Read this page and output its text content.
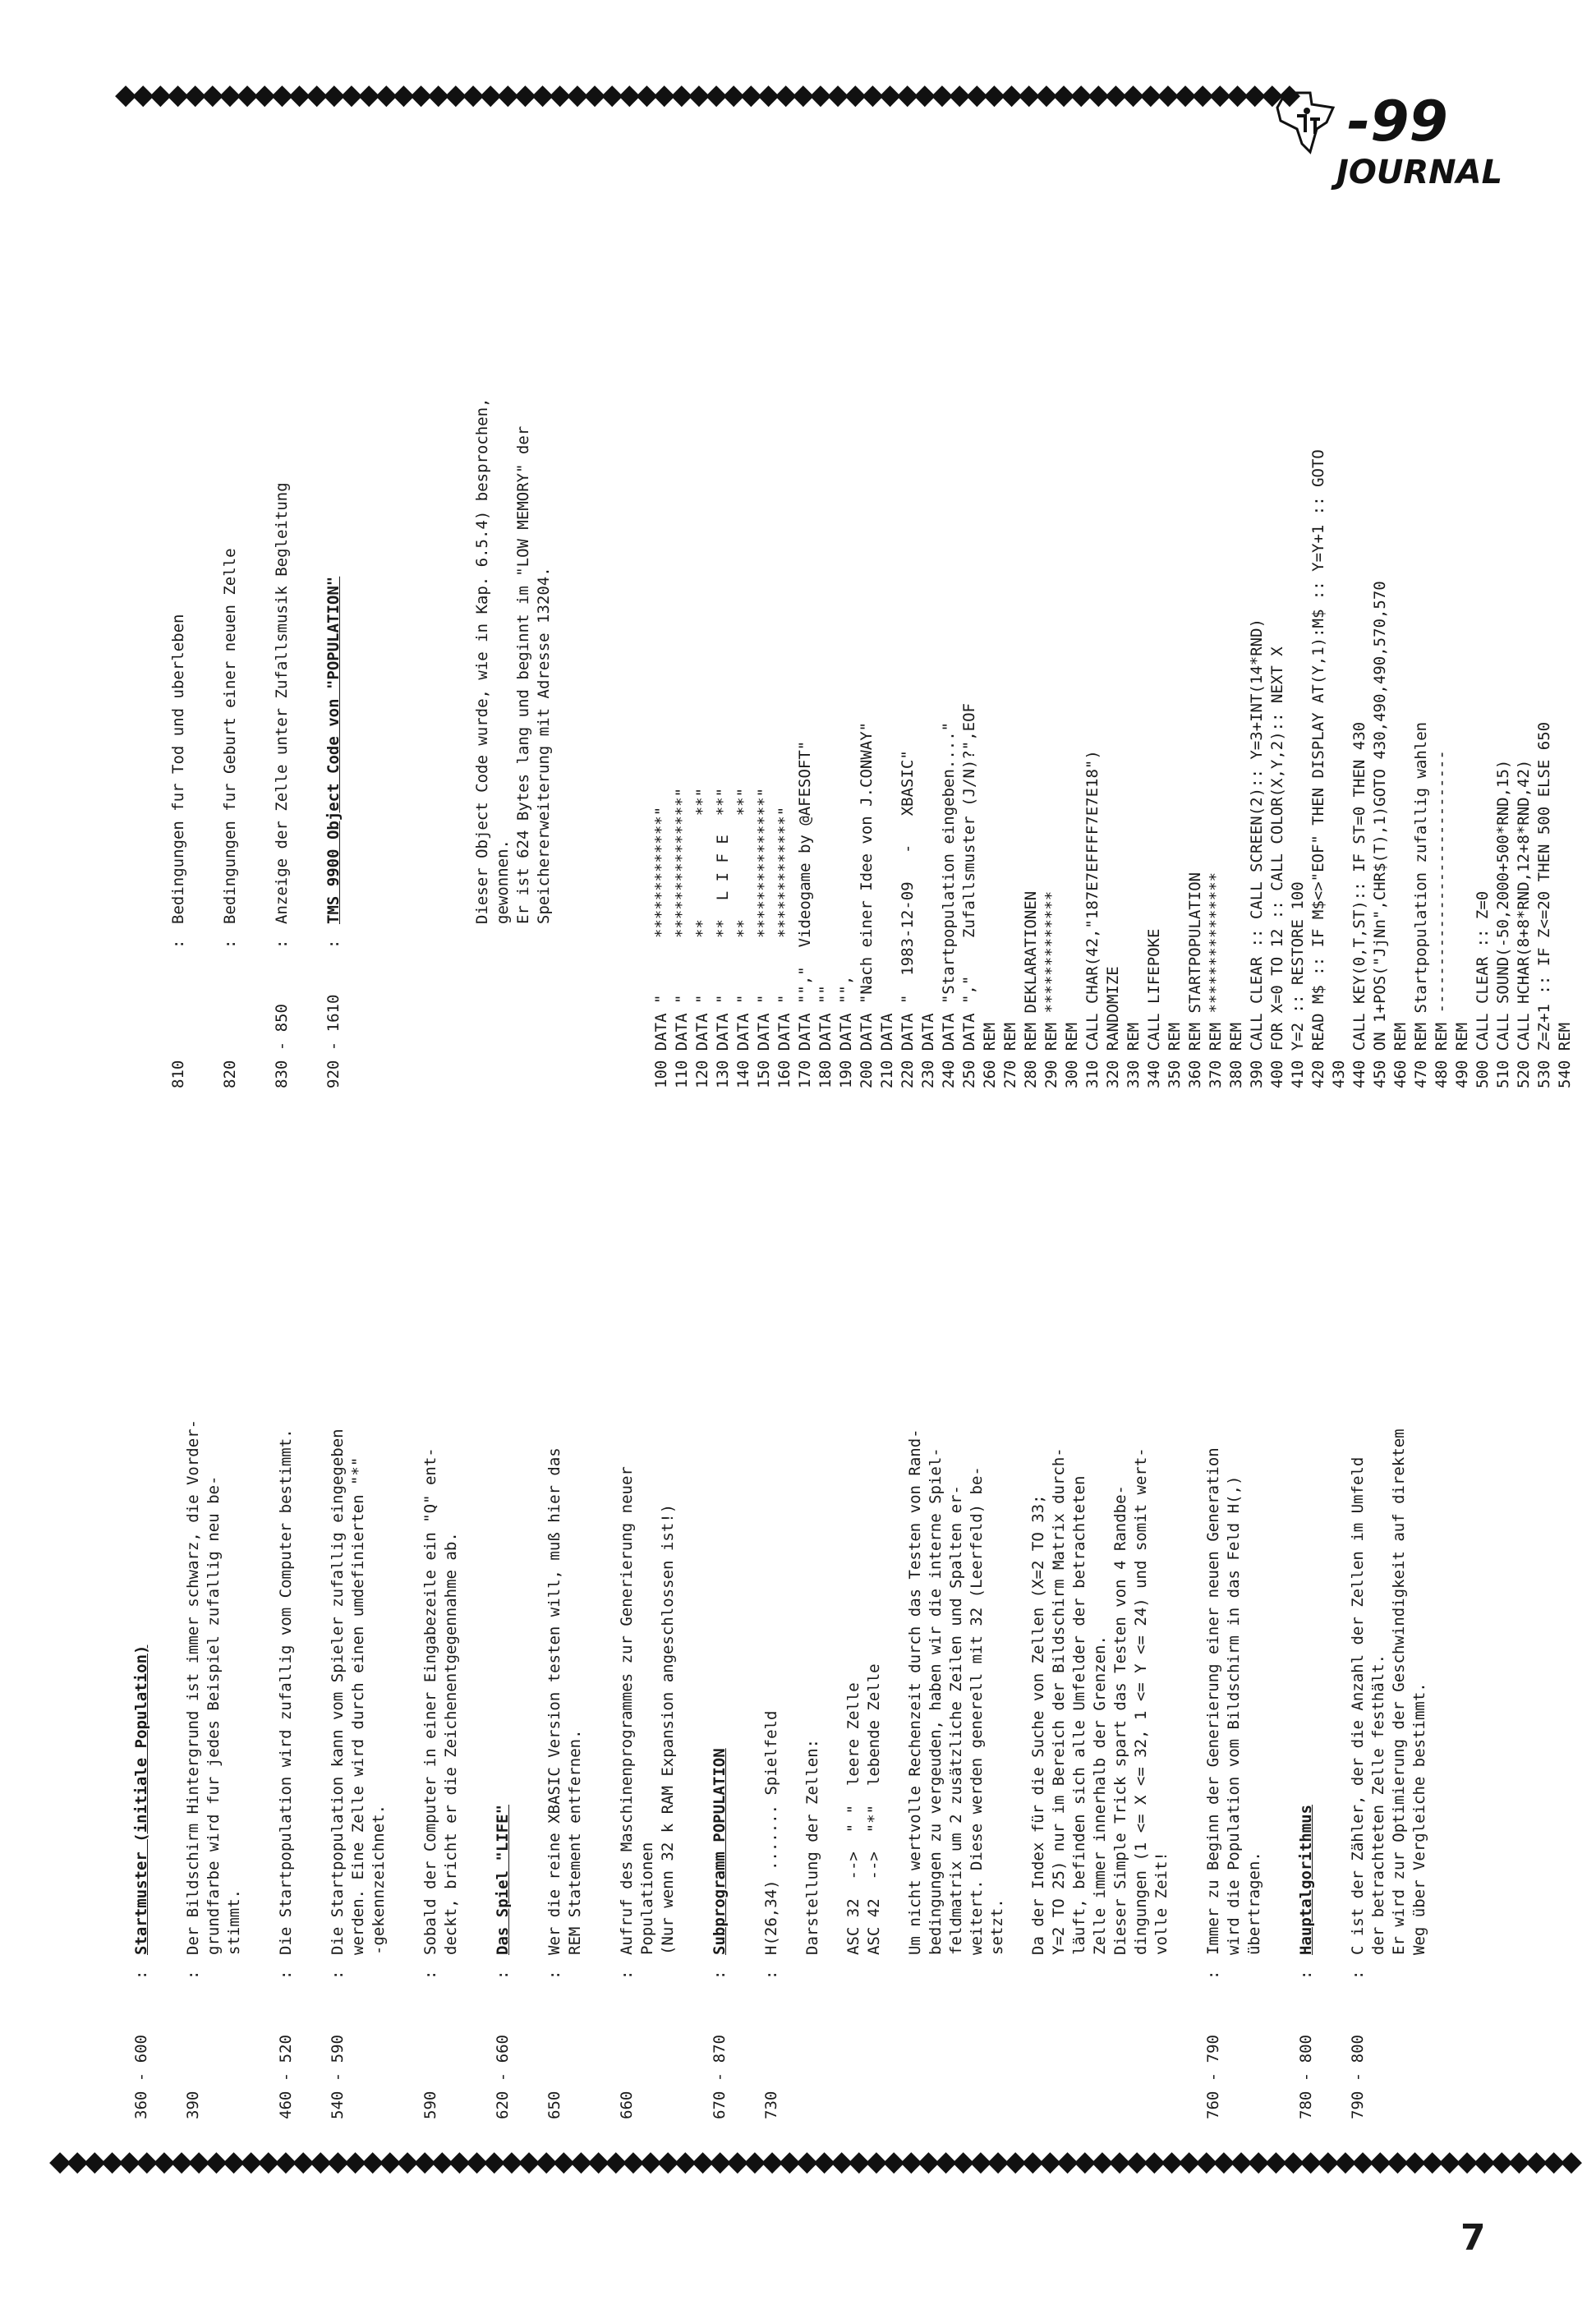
◆◆◆◆◆◆◆◆◆◆◆◆◆◆◆◆◆◆◆◆◆◆◆◆◆◆◆◆◆◆◆◆◆◆◆◆◆◆◆◆◆◆◆◆◆◆◆◆◆◆◆◆◆◆◆◆◆◆◆◆◆◆◆◆◆◆◆◆
◆◆◆◆◆◆◆◆◆◆◆◆◆◆◆◆◆◆◆◆◆◆◆◆◆◆◆◆◆◆◆◆◆◆◆◆◆◆◆◆◆◆◆◆◆◆◆◆◆◆◆◆◆◆◆◆◆◆◆◆◆◆◆◆◆◆◆◆◆◆◆◆◆◆◆◆◆◆◆◆◆◆◆◆◆◆◆◆
-99
JOURNAL
7
360 - 600:Startmuster (initiale Population)
390:Der Bildschirm Hintergrund ist immer schwarz, die Vorder-
grundfarbe wird fur jedes Beispiel zufallig neu be-
stimmt.
460 - 520:Die Startpopulation wird zufallig vom Computer bestimmt.
540 - 590:Die Startpopulation kann vom Spieler zufallig eingegeben
werden. Eine Zelle wird durch einen umdefinierten "*"
-gekennzeichnet.
590:Sobald der Computer in einer Eingabezeile ein "Q" ent-
deckt, bricht er die Zeichenentgegennahme ab.
620 - 660:Das Spiel "LIFE"
650:Wer die reine XBASIC Version testen will, muß hier das
REM Statement entfernen.
660:Aufruf des Maschinenprogrammes zur Generierung neuer
Populationen
(Nur wenn 32 k RAM Expansion angeschlossen ist!)
670 - 870:Subprogramm POPULATION
730:H(26,34) ....... Spielfeld

Darstellung der Zellen:

ASC 32  -->  " "  leere Zelle
ASC 42  -->  "*"  lebende Zelle

Um nicht wertvolle Rechenzeit durch das Testen von Rand-
bedingungen zu vergeuden, haben wir die interne Spiel-
feldmatrix um 2 zusätzliche Zeilen und Spalten er-
weitert. Diese werden generell mit 32 (Leerfeld) be-
setzt.

Da der Index für die Suche von Zellen (X=2 TO 33;
Y=2 TO 25) nur im Bereich der Bildschirm Matrix durch-
läuft, befinden sich alle Umfelder der betrachteten
Zelle immer innerhalb der Grenzen.
Dieser Simple Trick spart das Testen von 4 Randbe-
dingungen (1 <= X <= 32, 1 <= Y <= 24) und somit wert-
volle Zeit!
760 - 790:Immer zu Beginn der Generierung einer neuen Generation
wird die Population vom Bildschirm in das Feld H(,)
übertragen.
780 - 800:Hauptalgorithmus
790 - 800:C ist der Zähler, der die Anzahl der Zellen im Umfeld
der betrachteten Zelle festhält.
Er wird zur Optimierung der Geschwindigkeit auf direktem
Weg über Vergleiche bestimmt.

810:Bedingungen fur Tod und uberleben
820:Bedingungen fur Geburt einer neuen Zelle
830 - 850:Anzeige der Zelle unter Zufallsmusik Begleitung
920 - 1610:TMS 9900 Object Code von "POPULATION"

	Dieser Object Code wurde, wie in Kap. 6.5.4) besprochen,
gewonnen.
Er ist 624 Bytes lang und beginnt im "LOW MEMORY" der
Speichererweiterung mit Adresse 13204.

100 DATA "      *************" 110 DATA "      ***************" 120 DATA "      **           **" 130 DATA "      **  L I F E  **" 140 DATA "      **           **" 150 DATA "      ***************" 160 DATA "      *************" 170 DATA "","  Videogame by @AFESOFT" 180 DATA "" 190 DATA "", 200 DATA "Nach einer Idee von J.CONWAY" 210 DATA 220 DATA "  1983-12-09   -   XBASIC" 230 DATA 240 DATA "Startpopulation eingeben...." 250 DATA ","    Zufallsmuster (J/N)?",EOF 260 REM 270 REM 280 REM DEKLARATIONEN 290 REM ************* 300 REM 310 CALL CHAR(42,"187E7EFFFF7E7E18") 320 RANDOMIZE 330 REM 340 CALL LIFEPOKE 350 REM 360 REM STARTPOPULATION 370 REM *************** 380 REM 390 CALL CLEAR :: CALL SCREEN(2):: Y=3+INT(14*RND) 400 FOR X=0 TO 12 :: CALL COLOR(X,Y,2):: NEXT X 410 Y=2 :: RESTORE 100 420 READ M$ :: IF M$<>"EOF" THEN DISPLAY AT(Y,1):M$ :: Y=Y+1 :: GOTO 430 440 CALL KEY(0,T,ST):: IF ST=0 THEN 430 450 ON 1+POS("JjNn",CHR$(T),1)GOTO 430,490,490,570,570 460 REM 470 REM Startpopulation zufallig wahlen 480 REM ---------------------------- 490 REM 500 CALL CLEAR :: Z=0 510 CALL SOUND(-50,2000+500*RND,15) 520 CALL HCHAR(8+8*RND,12+8*RND,42) 530 Z=Z+1 :: IF Z<=20 THEN 500 ELSE 650 540 REM
